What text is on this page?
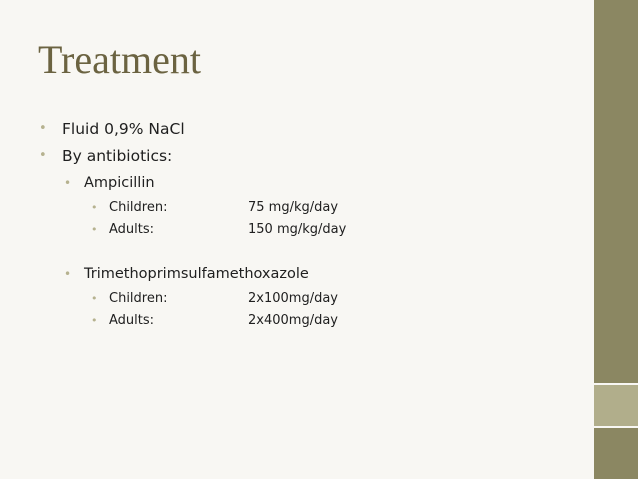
Treatment
• Fluid 0,9% NaCl
• By antibiotics:
• Ampicillin
• Children:	75 mg/kg/day
• Adults:	150 mg/kg/day
• Trimethoprimsulfamethoxazole
• Children:	2x100mg/day
• Adults:	2x400mg/day
